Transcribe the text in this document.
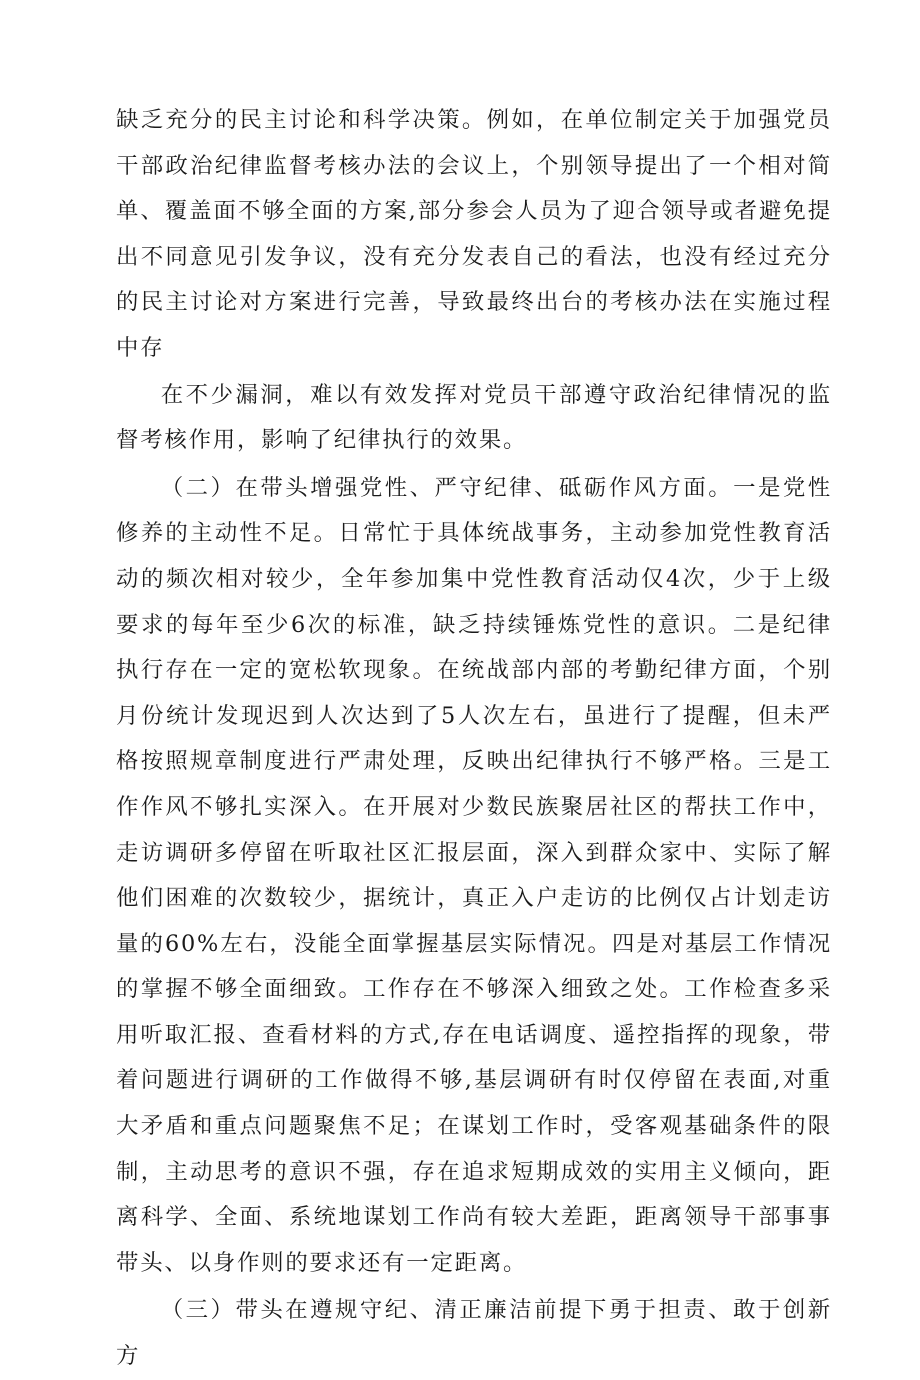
缺乏充分的民主讨论和科学决策。例如，在单位制定关于加强党员干部政治纪律监督考核办法的会议上，个别领导提出了一个相对简单、覆盖面不够全面的方案,部分参会人员为了迎合领导或者避免提出不同意见引发争议，没有充分发表自己的看法，也没有经过充分的民主讨论对方案进行完善，导致最终出台的考核办法在实施过程中存

在不少漏洞，难以有效发挥对党员干部遵守政治纪律情况的监督考核作用，影响了纪律执行的效果。

（二）在带头增强党性、严守纪律、砥砺作风方面。一是党性修养的主动性不足。日常忙于具体统战事务，主动参加党性教育活动的频次相对较少，全年参加集中党性教育活动仅4次，少于上级要求的每年至少6次的标准，缺乏持续锤炼党性的意识。二是纪律执行存在一定的宽松软现象。在统战部内部的考勤纪律方面，个别月份统计发现迟到人次达到了5人次左右，虽进行了提醒，但未严格按照规章制度进行严肃处理，反映出纪律执行不够严格。三是工作作风不够扎实深入。在开展对少数民族聚居社区的帮扶工作中，走访调研多停留在听取社区汇报层面，深入到群众家中、实际了解他们困难的次数较少，据统计，真正入户走访的比例仅占计划走访量的60%左右，没能全面掌握基层实际情况。四是对基层工作情况的掌握不够全面细致。工作存在不够深入细致之处。工作检查多采用听取汇报、查看材料的方式,存在电话调度、遥控指挥的现象，带着问题进行调研的工作做得不够,基层调研有时仅停留在表面,对重大矛盾和重点问题聚焦不足；在谋划工作时，受客观基础条件的限制，主动思考的意识不强，存在追求短期成效的实用主义倾向，距离科学、全面、系统地谋划工作尚有较大差距，距离领导干部事事带头、以身作则的要求还有一定距离。

（三）带头在遵规守纪、清正廉洁前提下勇于担责、敢于创新方
